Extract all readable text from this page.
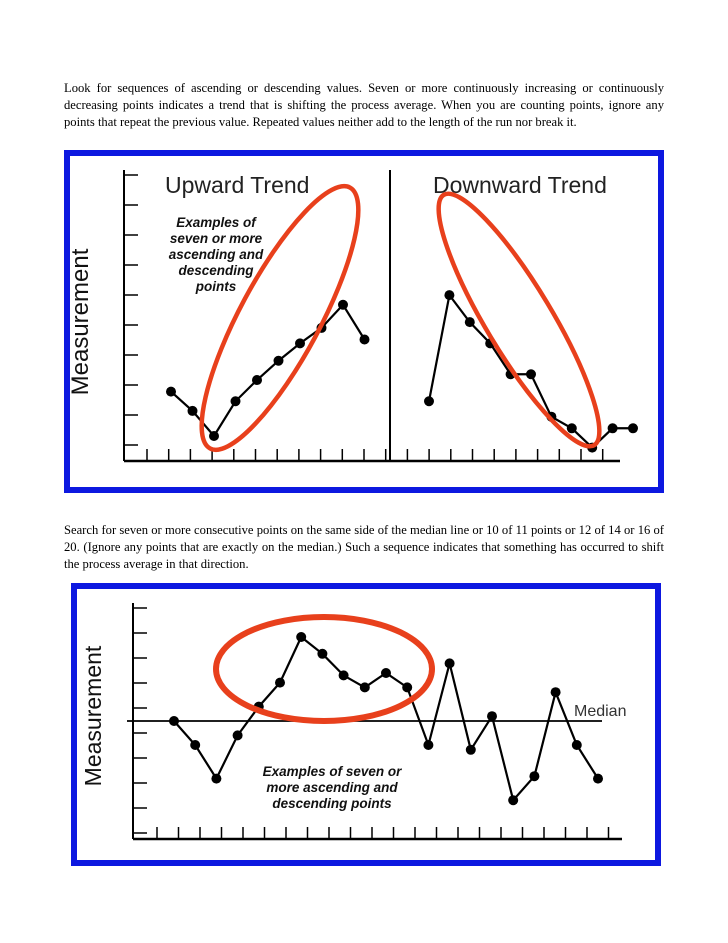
Look for sequences of ascending or descending values. Seven or more continuously increasing or continuously decreasing points indicates a trend that is shifting the process average. When you are counting points, ignore any points that repeat the previous value. Repeated values neither add to the length of the run nor break it.
Measurement
Upward Trend	Downward Trend
Examples of
seven or more
ascending and
descending
points
Search for seven or more consecutive points on the same side of the median line or 10 of 11 points or 12 of 14 or 16 of 20. (Ignore any points that are exactly on the median.) Such a sequence indicates that something has occurred to shift the process average in that direction.
Measurement	Median
Examples of seven or
more ascending and
descending points
